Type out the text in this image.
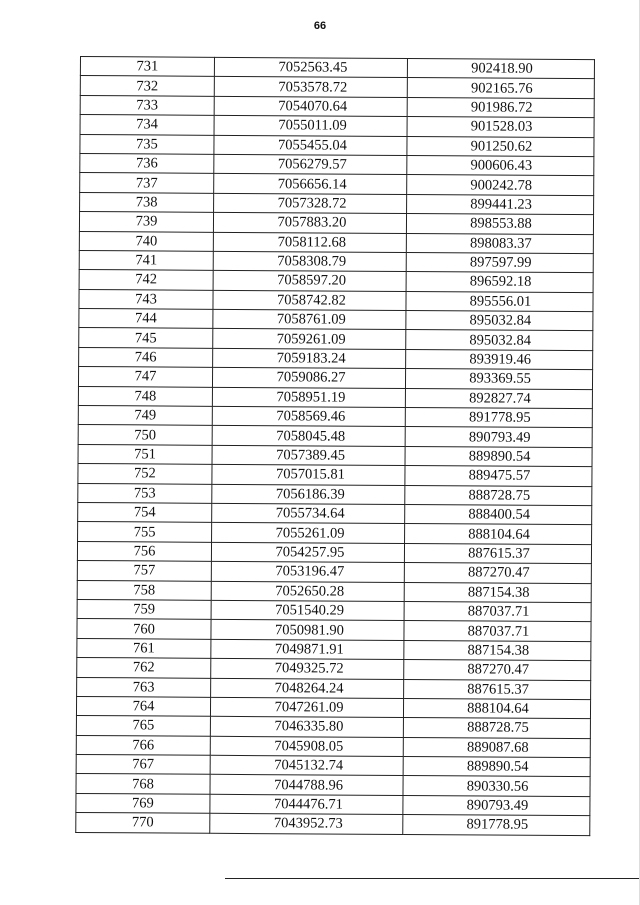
66
731	7052563.45	902418.90
732	7053578.72	902165.76
733	7054070.64	901986.72
734	7055011.09	901528.03
735	7055455.04	901250.62
736	7056279.57	900606.43
737	7056656.14	900242.78
738	7057328.72	899441.23
739	7057883.20	898553.88
740	7058112.68	898083.37
741	7058308.79	897597.99
742	7058597.20	896592.18
743	7058742.82	895556.01
744	7058761.09	895032.84
745	7059261.09	895032.84
746	7059183.24	893919.46
747	7059086.27	893369.55
748	7058951.19	892827.74
749	7058569.46	891778.95
750	7058045.48	890793.49
751	7057389.45	889890.54
752	7057015.81	889475.57
753	7056186.39	888728.75
754	7055734.64	888400.54
755	7055261.09	888104.64
756	7054257.95	887615.37
757	7053196.47	887270.47
758	7052650.28	887154.38
759	7051540.29	887037.71
760	7050981.90	887037.71
761	7049871.91	887154.38
762	7049325.72	887270.47
763	7048264.24	887615.37
764	7047261.09	888104.64
765	7046335.80	888728.75
766	7045908.05	889087.68
767	7045132.74	889890.54
768	7044788.96	890330.56
769	7044476.71	890793.49
770	7043952.73	891778.95
